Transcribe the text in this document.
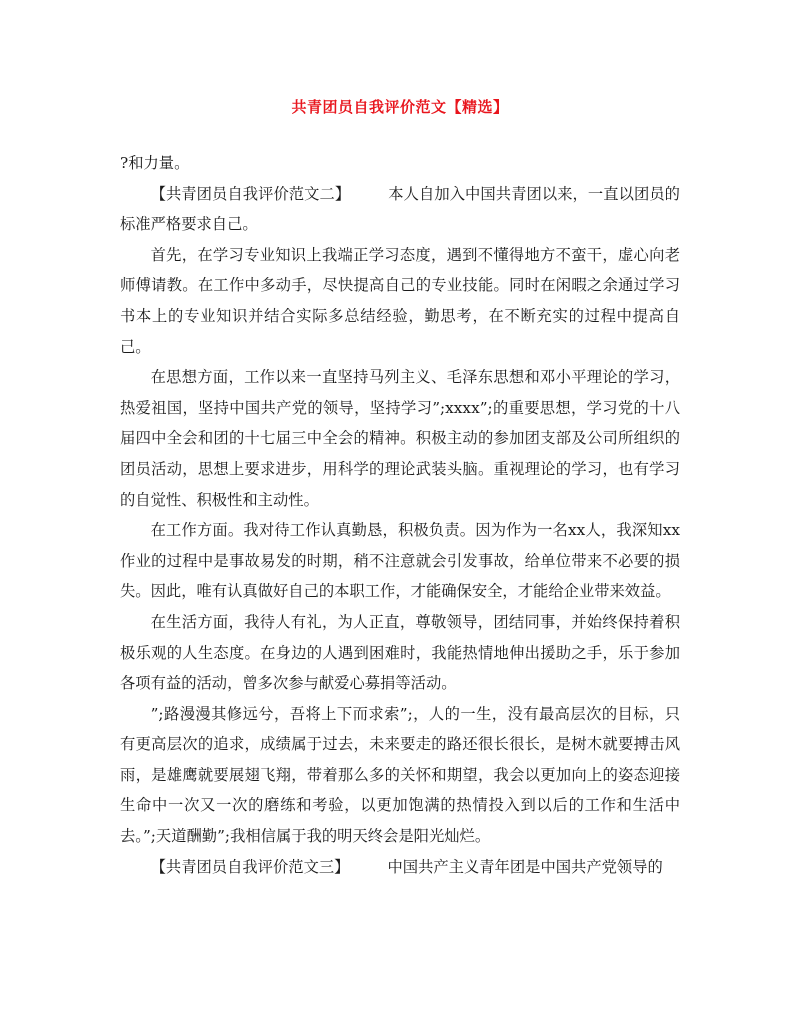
共青团员自我评价范文【精选】

?和力量。

【共青团员自我评价范文二】 本人自加入中国共青团以来，一直以团员的标准严格要求自己。

首先，在学习专业知识上我端正学习态度，遇到不懂得地方不蛮干，虚心向老师傅请教。在工作中多动手，尽快提高自己的专业技能。同时在闲暇之余通过学习书本上的专业知识并结合实际多总结经验，勤思考，在不断充实的过程中提高自己。

在思想方面，工作以来一直坚持马列主义、毛泽东思想和邓小平理论的学习，热爱祖国，坚持中国共产党的领导，坚持学习”;xxxx”;的重要思想，学习党的十八届四中全会和团的十七届三中全会的精神。积极主动的参加团支部及公司所组织的团员活动，思想上要求进步，用科学的理论武装头脑。重视理论的学习，也有学习的自觉性、积极性和主动性。

在工作方面。我对待工作认真勤恳，积极负责。因为作为一名xx人，我深知xx作业的过程中是事故易发的时期，稍不注意就会引发事故，给单位带来不必要的损失。因此，唯有认真做好自己的本职工作，才能确保安全，才能给企业带来效益。

在生活方面，我待人有礼，为人正直，尊敬领导，团结同事，并始终保持着积极乐观的人生态度。在身边的人遇到困难时，我能热情地伸出援助之手，乐于参加各项有益的活动，曾多次参与献爱心募捐等活动。

”;路漫漫其修远兮，吾将上下而求索”;，人的一生，没有最高层次的目标，只有更高层次的追求，成绩属于过去，未来要走的路还很长很长，是树木就要搏击风雨，是雄鹰就要展翅飞翔，带着那么多的关怀和期望，我会以更加向上的姿态迎接生命中一次又一次的磨练和考验，以更加饱满的热情投入到以后的工作和生活中去。”;天道酬勤”;我相信属于我的明天终会是阳光灿烂。

【共青团员自我评价范文三】 中国共产主义青年团是中国共产党领导的
